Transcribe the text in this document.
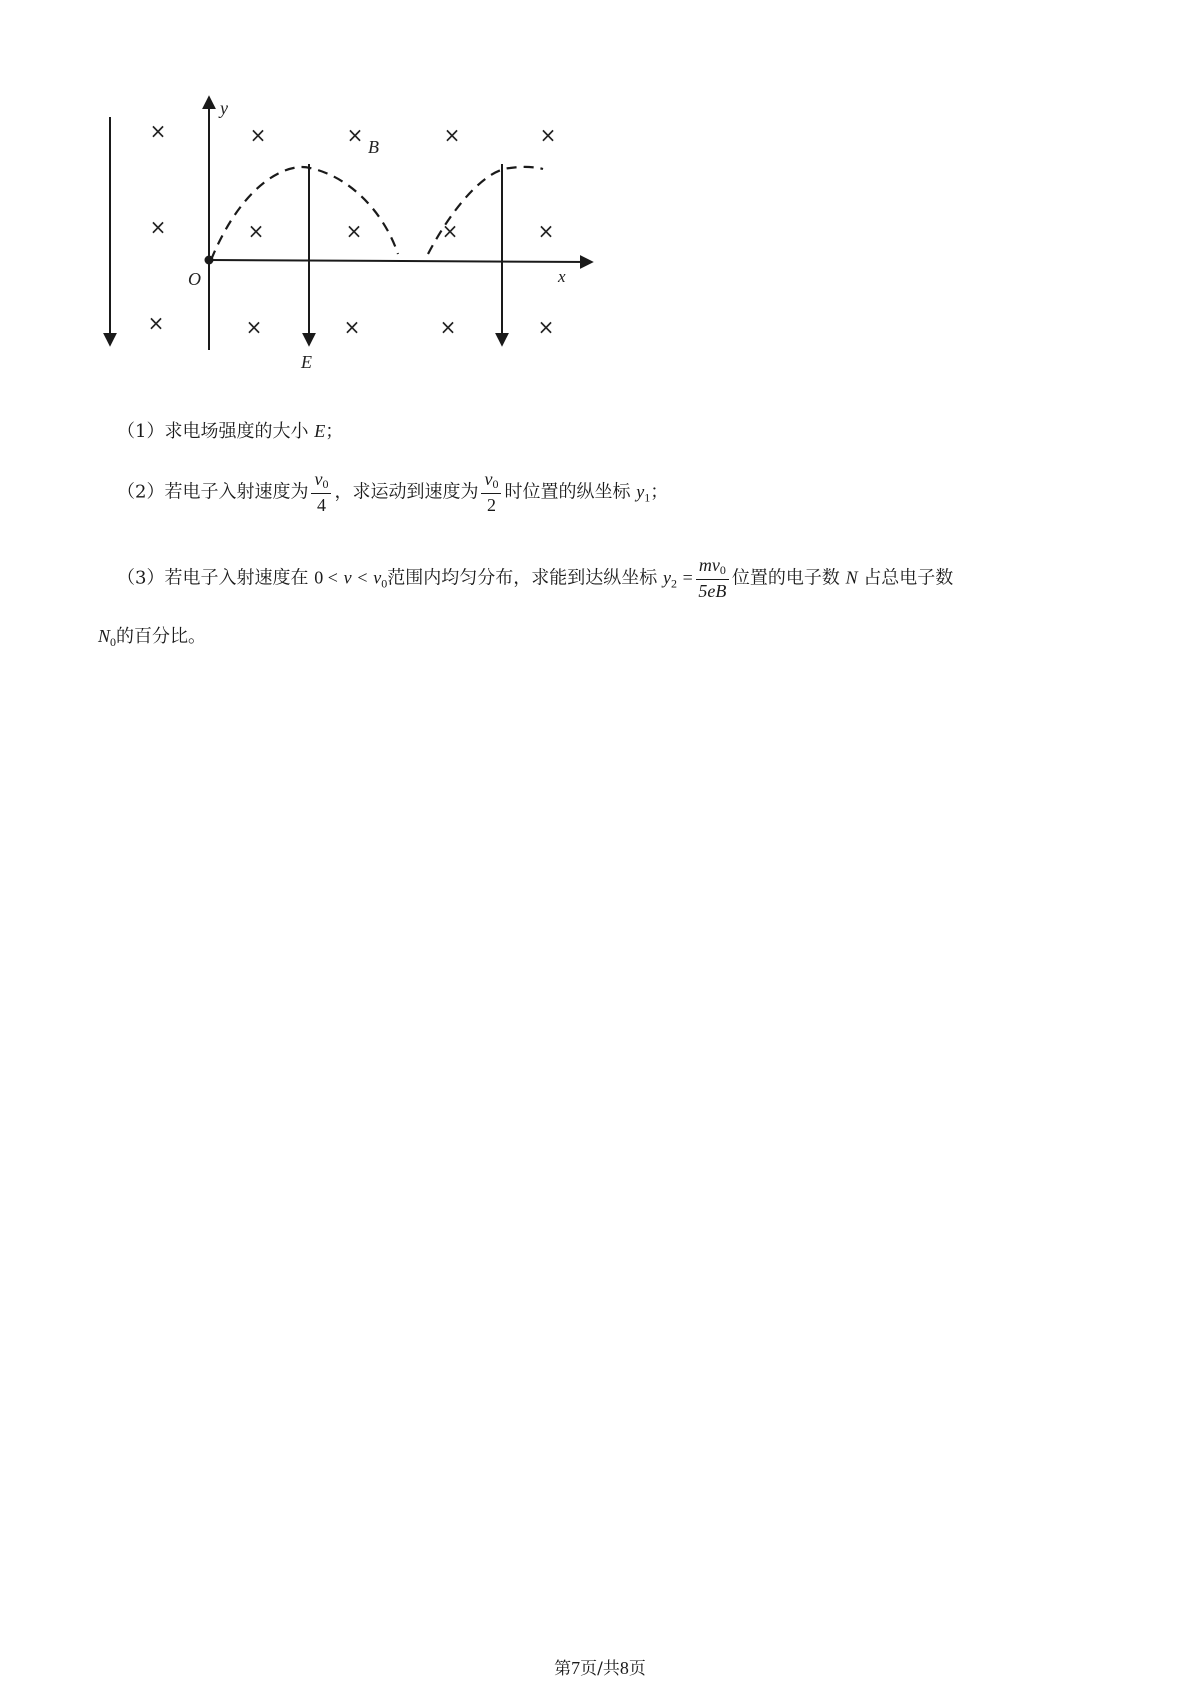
×	×	×	×	×
×	×	×	×	×
×	×	×	×	×
y
x
O
B
E
（1）求电场强度的大小 E；
（2）若电子入射速度为 $\frac{v0}{4}$ ，求运动到速度为 $\frac{v0}{2}$ 时位置的纵坐标 $y_1$；
（3）若电子入射速度在 $0 < v < v_0$范围内均匀分布，求能到达纵坐标 $y_2 = \frac{mv0}{5eB}$ 位置的电子数 N 占总电子数
$N_0$的百分比。
第7页/共8页
